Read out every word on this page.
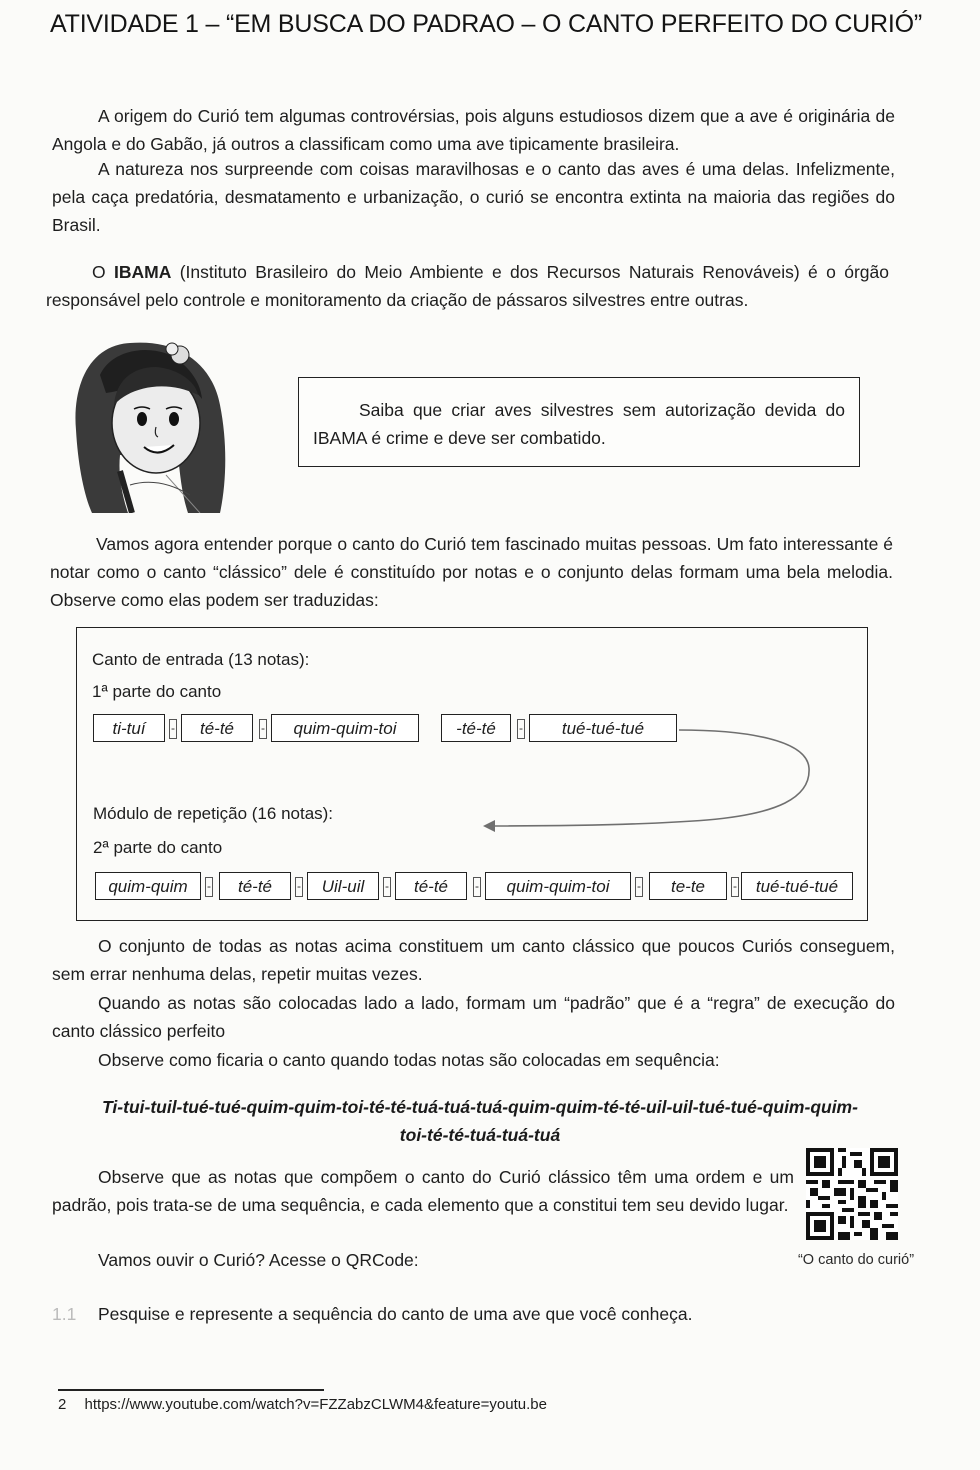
ATIVIDADE 1 – “EM BUSCA DO PADRAO – O CANTO PERFEITO DO CURIÓ”
A origem do Curió tem algumas controvérsias, pois alguns estudiosos dizem que a ave é originária de Angola e do Gabão, já outros a classificam como uma ave tipicamente brasileira.
A natureza nos surpreende com coisas maravilhosas e o canto das aves é uma delas. Infelizmente, pela caça predatória, desmatamento e urbanização, o curió se encontra extinta na maioria das regiões do Brasil.
O IBAMA (Instituto Brasileiro do Meio Ambiente e dos Recursos Naturais Renováveis) é o órgão responsável pelo controle e monitoramento da criação de pássaros silvestres entre outras.
Saiba que criar aves silvestres sem autorização devida do IBAMA é crime e deve ser combatido.
Vamos agora entender porque o canto do Curió tem fascinado muitas pessoas. Um fato interessante é notar como o canto “clássico” dele é constituído por notas e o conjunto delas formam uma bela melodia. Observe como elas podem ser traduzidas:
Canto de entrada (13 notas):
1ª parte do canto
ti-tuí	-	té-té	-	quim-quim-toi	-té-té	-	tué-tué-tué
Módulo de repetição (16 notas):
2ª parte do canto
quim-quim	-	té-té	-	Uil-uil	-	té-té	-	quim-quim-toi	-	te-te	-	tué-tué-tué
O conjunto de todas as notas acima constituem um canto clássico que poucos Curiós conseguem, sem errar nenhuma delas, repetir muitas vezes.
Quando as notas são colocadas lado a lado, formam um “padrão” que é a “regra” de execução do canto clássico perfeito
Observe como ficaria o canto quando todas notas são colocadas em sequência:
Ti-tui-tuil-tué-tué-quim-quim-toi-té-té-tuá-tuá-tuá-quim-quim-té-té-uil-uil-tué-tué-quim-quim-toi-té-té-tuá-tuá-tuá
Observe que as notas que compõem o canto do Curió clássico têm uma ordem e um padrão, pois trata-se de uma sequência, e cada elemento que a constitui tem seu devido lugar.
Vamos ouvir o Curió? Acesse o QRCode:	“O canto do curió”
1.1 Pesquise e represente a sequência do canto de uma ave que você conheça.
2 https://www.youtube.com/watch?v=FZZabzCLWM4&feature=youtu.be
